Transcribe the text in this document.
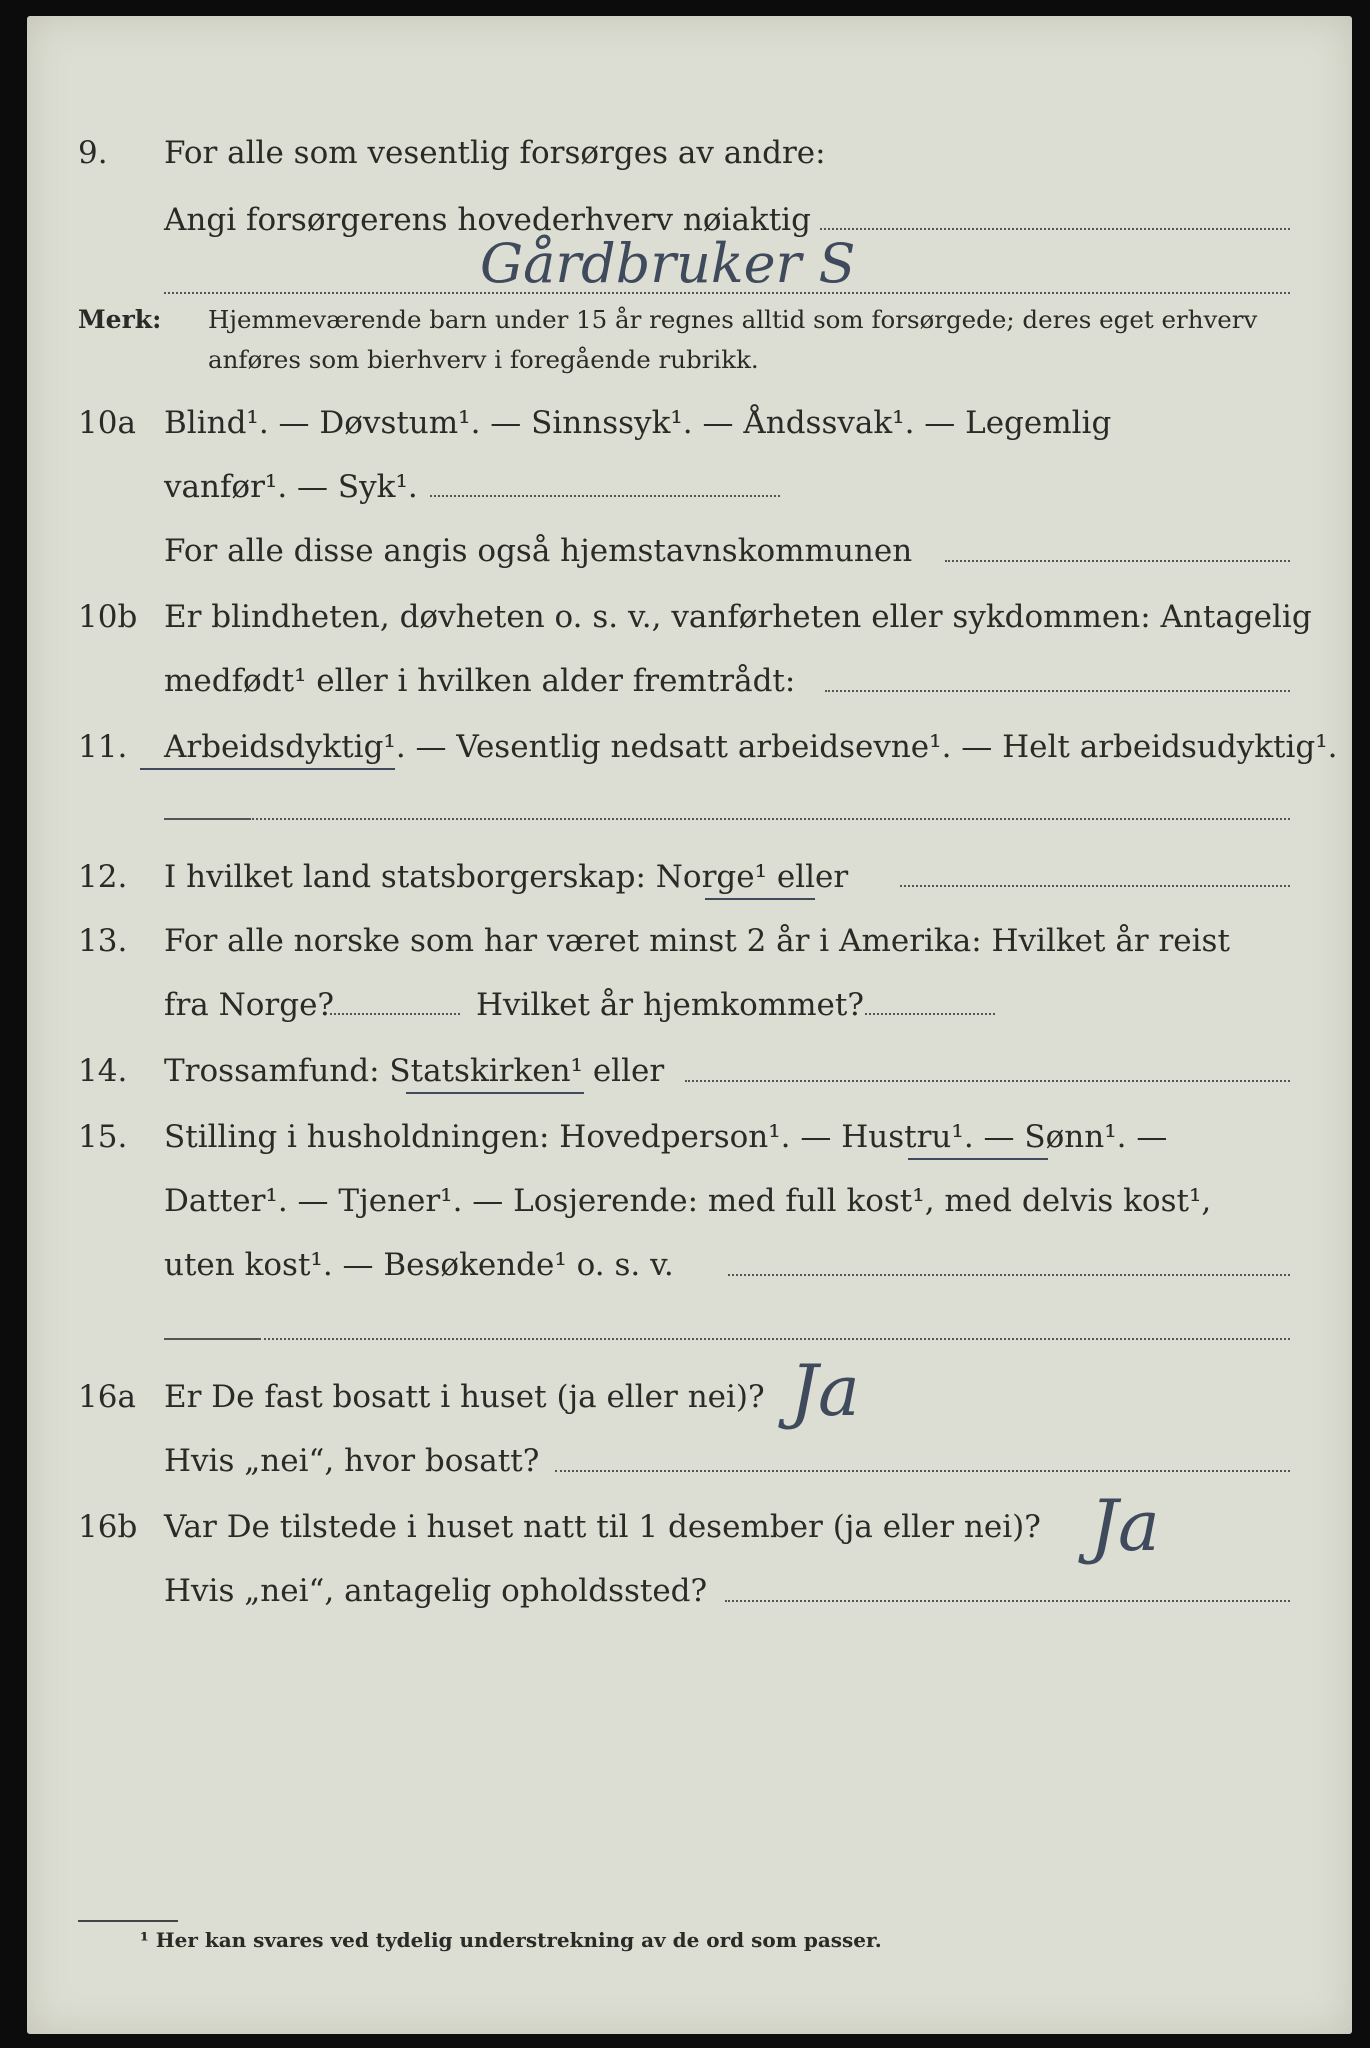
9. For alle som vesentlig forsørges av andre:
Angi forsørgerens hovederhverv nøiaktig
Gårdbruker S
Merk: Hjemmeværende barn under 15 år regnes alltid som forsørgede; deres eget erhverv
anføres som bierhverv i foregående rubrikk.
10a Blind¹. — Døvstum¹. — Sinnssyk¹. — Åndssvak¹. — Legemlig
vanfør¹. — Syk¹.
For alle disse angis også hjemstavnskommunen
10b Er blindheten, døvheten o. s. v., vanførheten eller sykdommen: Antagelig
medfødt¹ eller i hvilken alder fremtrådt:
11. Arbeidsdyktig¹. — Vesentlig nedsatt arbeidsevne¹. — Helt arbeidsudyktig¹.
12. I hvilket land statsborgerskap: Norge¹ eller
13. For alle norske som har været minst 2 år i Amerika: Hvilket år reist
fra Norge?	Hvilket år hjemkommet?
14. Trossamfund: Statskirken¹ eller
15. Stilling i husholdningen: Hovedperson¹. — Hustru¹. — Sønn¹. —
Datter¹. — Tjener¹. — Losjerende: med full kost¹, med delvis kost¹,
uten kost¹. — Besøkende¹ o. s. v.
16a Er De fast bosatt i huset (ja eller nei)? Ja
Hvis „nei“, hvor bosatt?
16b Var De tilstede i huset natt til 1 desember (ja eller nei)? Ja
Hvis „nei“, antagelig opholdssted?
¹ Her kan svares ved tydelig understrekning av de ord som passer.
